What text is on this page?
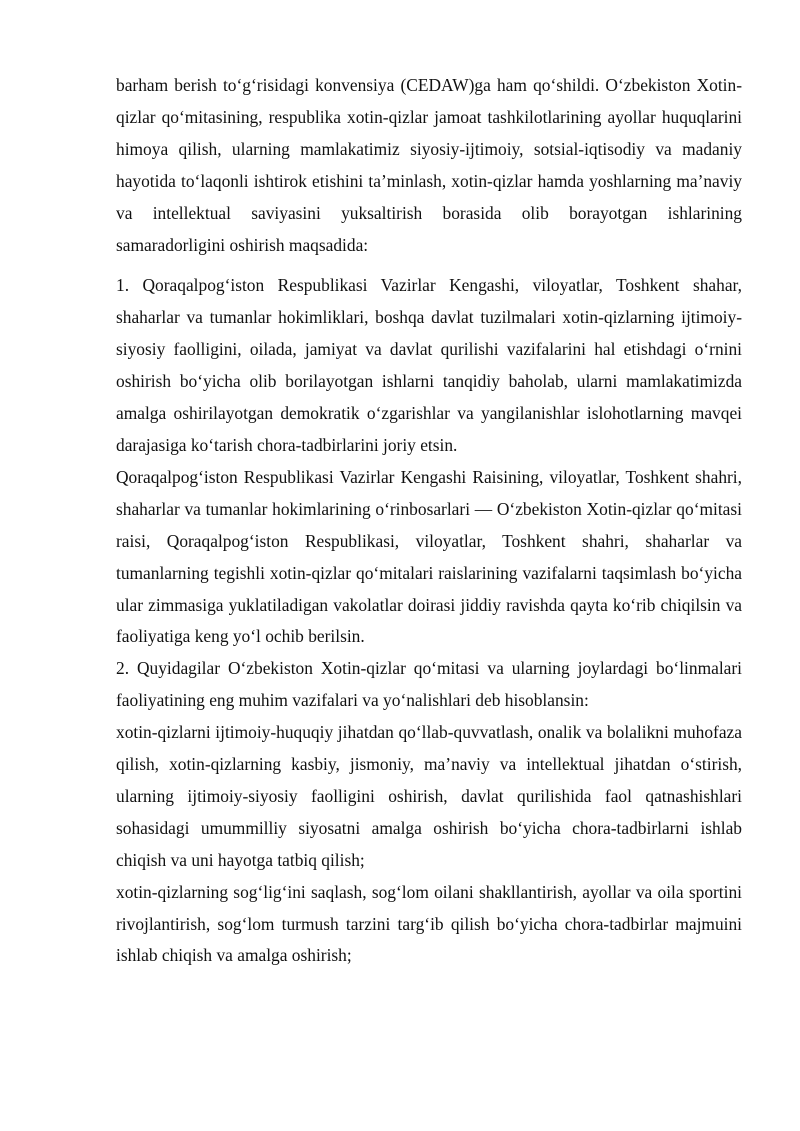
barham berish to‘g‘risidagi konvensiya (CEDAW)ga ham qo‘shildi. O‘zbekiston Xotin-qizlar qo‘mitasining, respublika xotin-qizlar jamoat tashkilotlarining ayollar huquqlarini himoya qilish, ularning mamlakatimiz siyosiy-ijtimoiy, sotsial-iqtisodiy va madaniy hayotida to‘laqonli ishtirok etishini ta’minlash, xotin-qizlar hamda yoshlarning ma’naviy va intellektual saviyasini yuksaltirish borasida olib borayotgan ishlarining samaradorligini oshirish maqsadida:

1. Qoraqalpog‘iston Respublikasi Vazirlar Kengashi, viloyatlar, Toshkent shahar, shaharlar va tumanlar hokimliklari, boshqa davlat tuzilmalari xotin-qizlarning ijtimoiy-siyosiy faolligini, oilada, jamiyat va davlat qurilishi vazifalarini hal etishdagi o‘rnini oshirish bo‘yicha olib borilayotgan ishlarni tanqidiy baholab, ularni mamlakatimizda amalga oshirilayotgan demokratik o‘zgarishlar va yangilanishlar islohotlarning mavqei darajasiga ko‘tarish chora-tadbirlarini joriy etsin.

Qoraqalpog‘iston Respublikasi Vazirlar Kengashi Raisining, viloyatlar, Toshkent shahri, shaharlar va tumanlar hokimlarining o‘rinbosarlari — O‘zbekiston Xotin-qizlar qo‘mitasi raisi, Qoraqalpog‘iston Respublikasi, viloyatlar, Toshkent shahri, shaharlar va tumanlarning tegishli xotin-qizlar qo‘mitalari raislarining vazifalarni taqsimlash bo‘yicha ular zimmasiga yuklatiladigan vakolatlar doirasi jiddiy ravishda qayta ko‘rib chiqilsin va faoliyatiga keng yo‘l ochib berilsin.

2. Quyidagilar O‘zbekiston Xotin-qizlar qo‘mitasi va ularning joylardagi bo‘linmalari faoliyatining eng muhim vazifalari va yo‘nalishlari deb hisoblansin:

xotin-qizlarni ijtimoiy-huquqiy jihatdan qo‘llab-quvvatlash, onalik va bolalikni muhofaza qilish, xotin-qizlarning kasbiy, jismoniy, ma’naviy va intellektual jihatdan o‘stirish, ularning ijtimoiy-siyosiy faolligini oshirish, davlat qurilishida faol qatnashishlari sohasidagi umummilliy siyosatni amalga oshirish bo‘yicha chora-tadbirlarni ishlab chiqish va uni hayotga tatbiq qilish;

xotin-qizlarning sog‘lig‘ini saqlash, sog‘lom oilani shakllantirish, ayollar va oila sportini rivojlantirish, sog‘lom turmush tarzini targ‘ib qilish bo‘yicha chora-tadbirlar majmuini ishlab chiqish va amalga oshirish;
